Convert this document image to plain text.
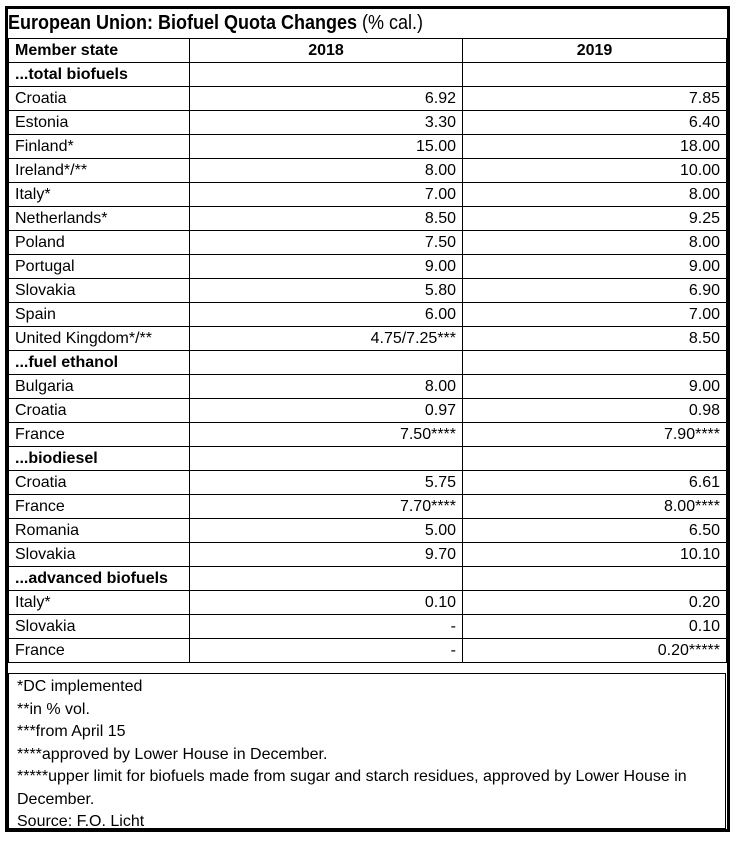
European Union: Biofuel Quota Changes (% cal.)
Member state	2018	2019
...total biofuels		
Croatia	6.92	7.85
Estonia	3.30	6.40
Finland*	15.00	18.00
Ireland*/**	8.00	10.00
Italy*	7.00	8.00
Netherlands*	8.50	9.25
Poland	7.50	8.00
Portugal	9.00	9.00
Slovakia	5.80	6.90
Spain	6.00	7.00
United Kingdom*/**	4.75/7.25***	8.50
...fuel ethanol		
Bulgaria	8.00	9.00
Croatia	0.97	0.98
France	7.50****	7.90****
...biodiesel		
Croatia	5.75	6.61
France	7.70****	8.00****
Romania	5.00	6.50
Slovakia	9.70	10.10
...advanced biofuels		
Italy*	0.10	0.20
Slovakia	-	0.10
France	-	0.20*****
*DC implemented
**in % vol.
***from April 15
****approved by Lower House in December.
*****upper limit for biofuels made from sugar and starch residues, approved by Lower House in December.
Source: F.O. Licht
